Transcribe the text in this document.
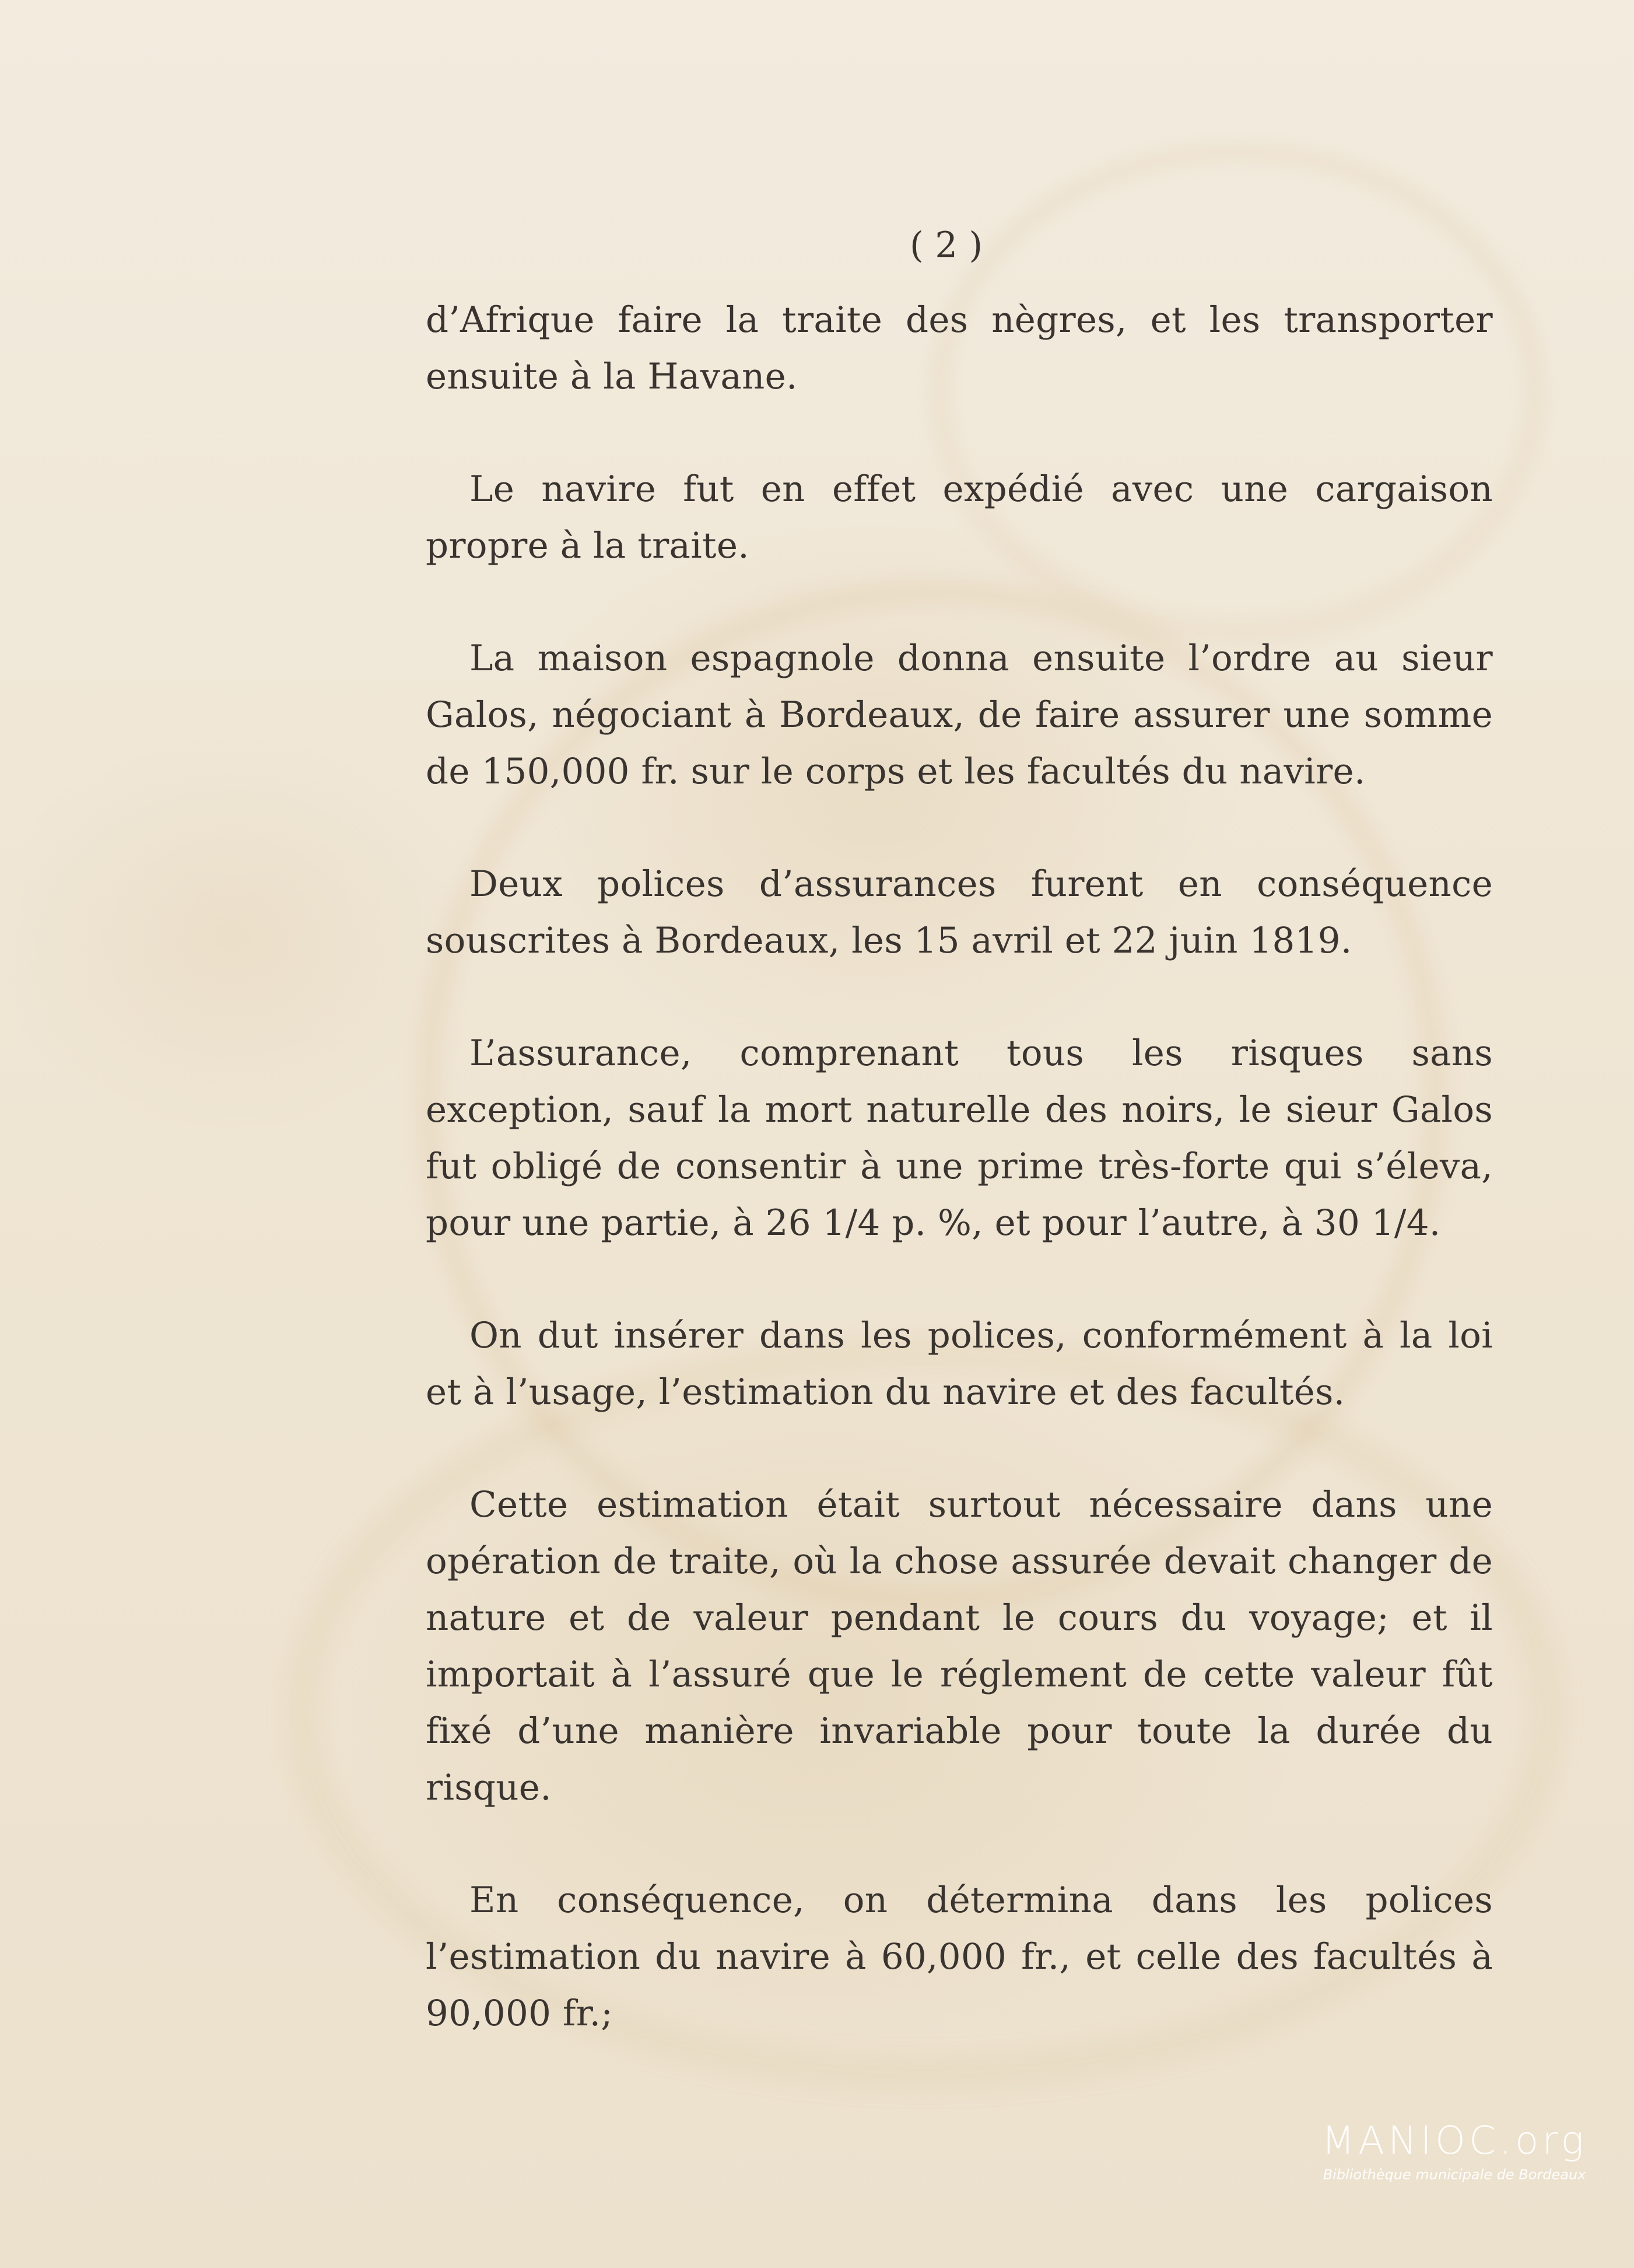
( 2 )

d’Afrique faire la traite des nègres, et les transporter ensuite à la Havane.

Le navire fut en effet expédié avec une cargaison propre à la traite.

La maison espagnole donna ensuite l’ordre au sieur Galos, négociant à Bordeaux, de faire assurer une somme de 150,000 fr. sur le corps et les facultés du navire.

Deux polices d’assurances furent en conséquence souscrites à Bordeaux, les 15 avril et 22 juin 1819.

L’assurance, comprenant tous les risques sans exception, sauf la mort naturelle des noirs, le sieur Galos fut obligé de consentir à une prime très-forte qui s’éleva, pour une partie, à 26 1/4 p. %, et pour l’autre, à 30 1/4.

On dut insérer dans les polices, conformément à la loi et à l’usage, l’estimation du navire et des facultés.

Cette estimation était surtout nécessaire dans une opération de traite, où la chose assurée devait changer de nature et de valeur pendant le cours du voyage; et il importait à l’assuré que le réglement de cette valeur fût fixé d’une manière invariable pour toute la durée du risque.

En conséquence, on détermina dans les polices l’estimation du navire à 60,000 fr., et celle des facultés à 90,000 fr.;

MANIOC.org
Bibliothèque municipale de Bordeaux
